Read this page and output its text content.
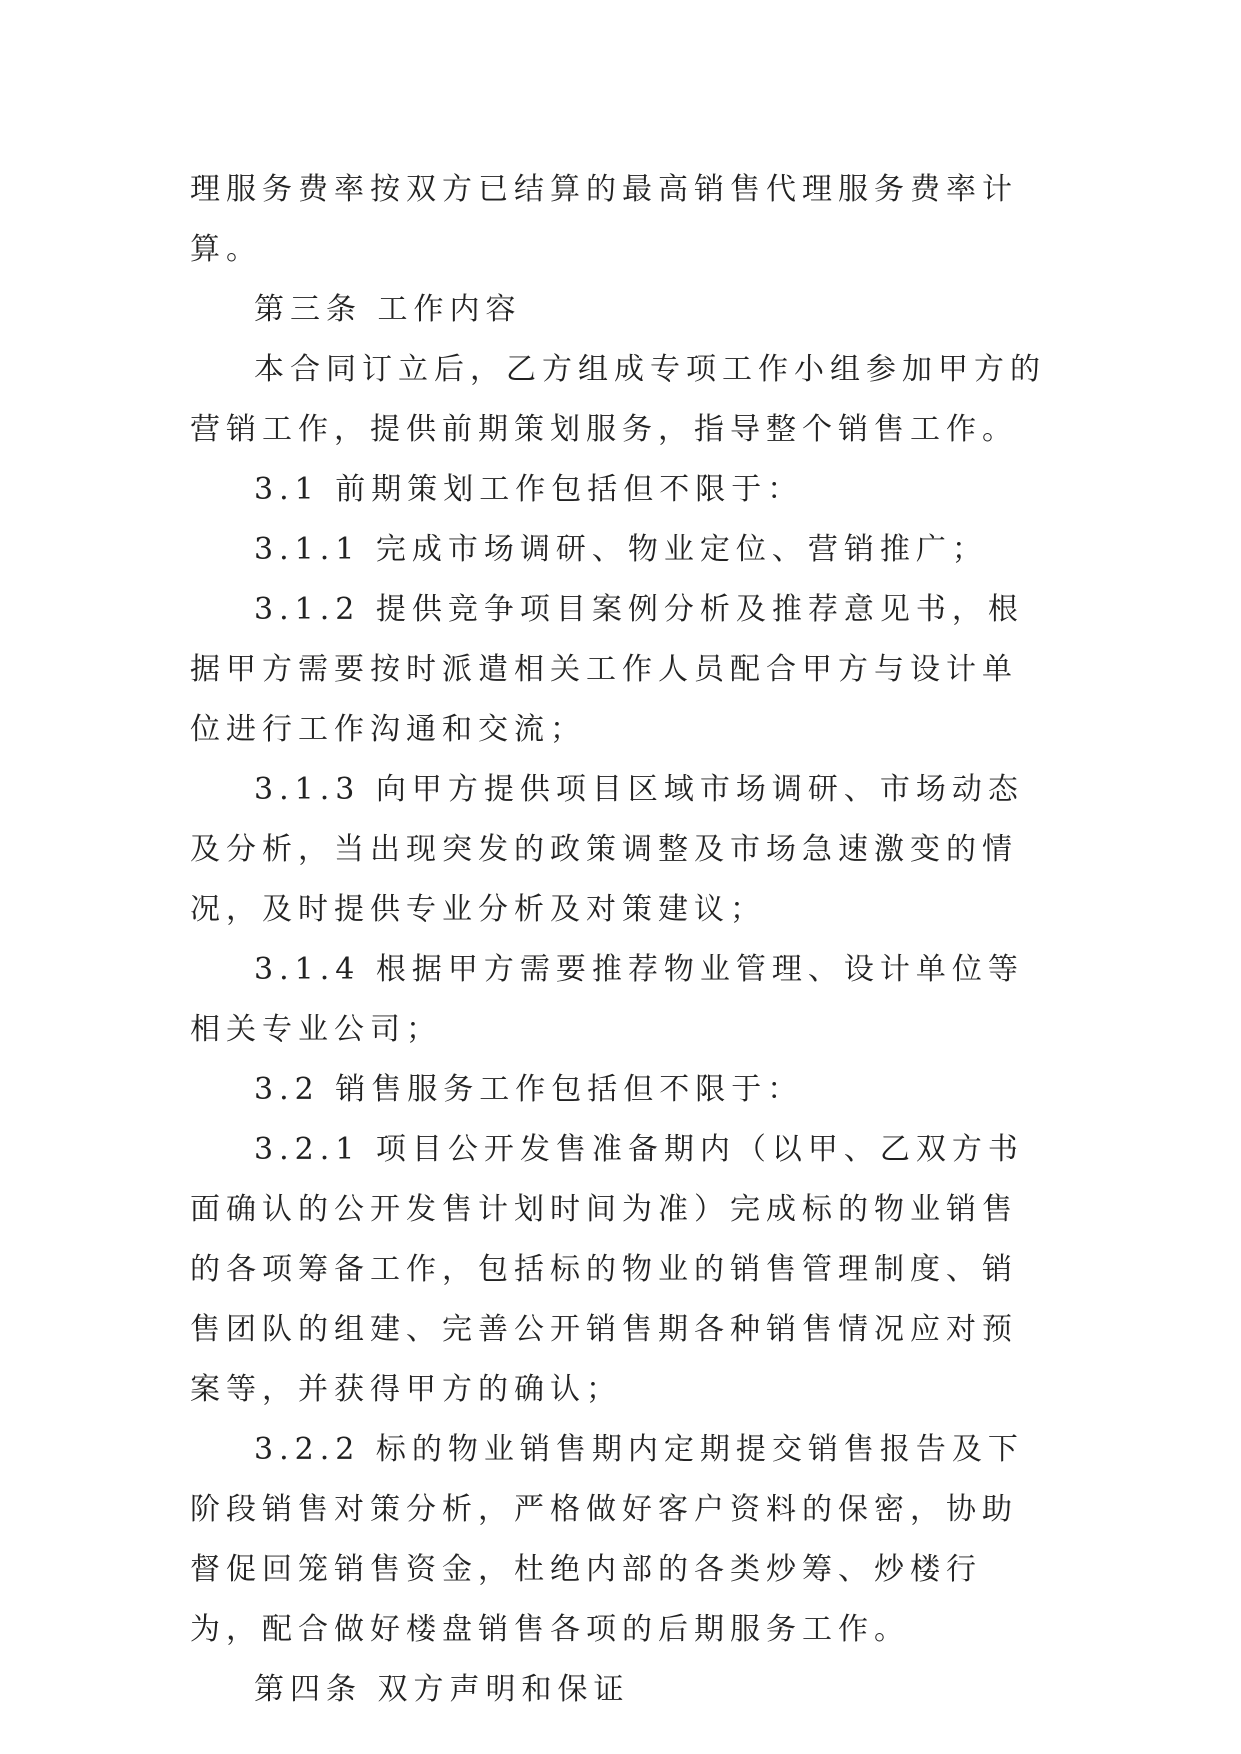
理服务费率按双方已结算的最高销售代理服务费率计算。

第三条 工作内容

本合同订立后，乙方组成专项工作小组参加甲方的营销工作，提供前期策划服务，指导整个销售工作。

3.1 前期策划工作包括但不限于：

3.1.1 完成市场调研、物业定位、营销推广；

3.1.2 提供竞争项目案例分析及推荐意见书，根据甲方需要按时派遣相关工作人员配合甲方与设计单位进行工作沟通和交流；

3.1.3 向甲方提供项目区域市场调研、市场动态及分析，当出现突发的政策调整及市场急速激变的情况，及时提供专业分析及对策建议；

3.1.4 根据甲方需要推荐物业管理、设计单位等相关专业公司；

3.2 销售服务工作包括但不限于：

3.2.1 项目公开发售准备期内（以甲、乙双方书面确认的公开发售计划时间为准）完成标的物业销售的各项筹备工作，包括标的物业的销售管理制度、销售团队的组建、完善公开销售期各种销售情况应对预案等，并获得甲方的确认；

3.2.2 标的物业销售期内定期提交销售报告及下阶段销售对策分析，严格做好客户资料的保密，协助督促回笼销售资金，杜绝内部的各类炒筹、炒楼行为，配合做好楼盘销售各项的后期服务工作。

第四条 双方声明和保证
